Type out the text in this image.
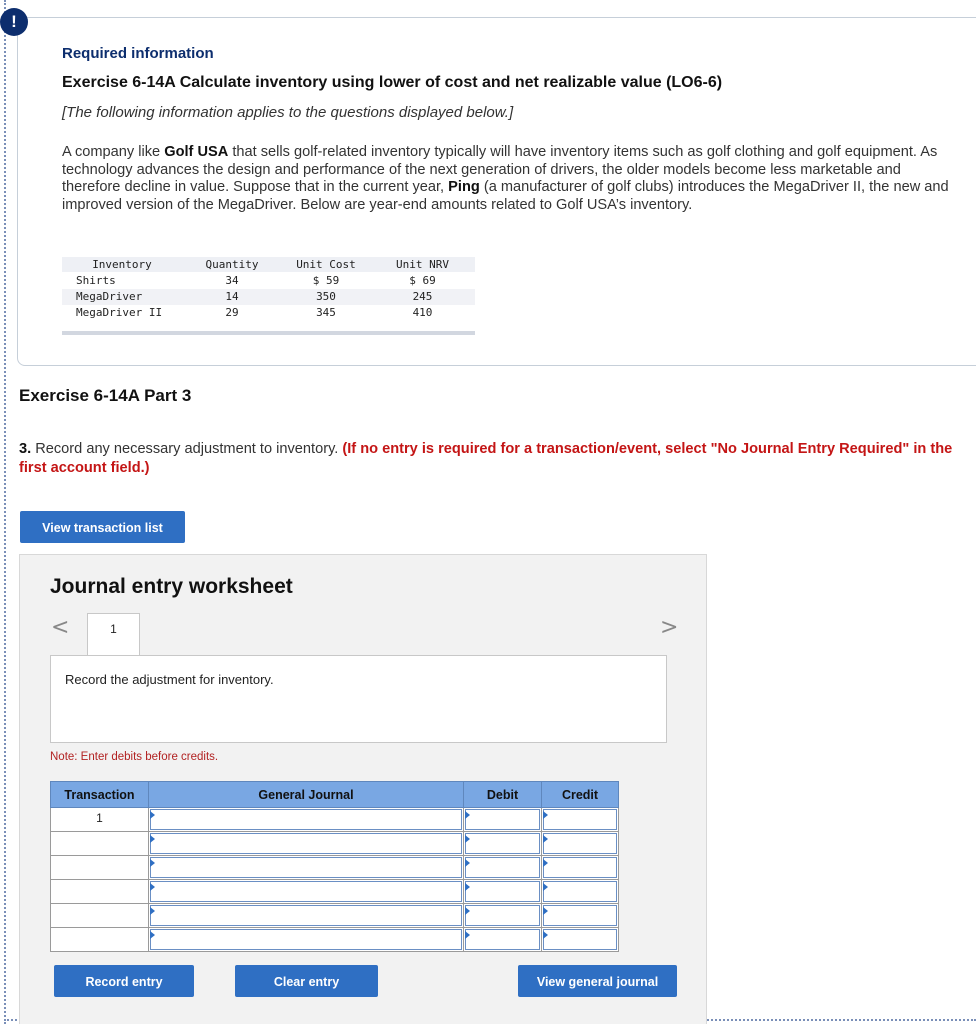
!
Required information
Exercise 6-14A Calculate inventory using lower of cost and net realizable value (LO6-6)
[The following information applies to the questions displayed below.]
A company like Golf USA that sells golf-related inventory typically will have inventory items such as golf clothing and golf equipment. As technology advances the design and performance of the next generation of drivers, the older models become less marketable and therefore decline in value. Suppose that in the current year, Ping (a manufacturer of golf clubs) introduces the MegaDriver II, the new and improved version of the MegaDriver. Below are year-end amounts related to Golf USA’s inventory.
Inventory	Quantity	Unit Cost	Unit NRV
Shirts	34	$ 59	$ 69
MegaDriver	14	350	245
MegaDriver II	29	345	410

Exercise 6-14A Part 3
3. Record any necessary adjustment to inventory. (If no entry is required for a transaction/event, select "No Journal Entry Required" in the first account field.)
View transaction list
Journal entry worksheet
<	1	>
Record the adjustment for inventory.
Note: Enter debits before credits.
Transaction	General Journal	Debit	Credit
1	

Record entry	Clear entry	View general journal
